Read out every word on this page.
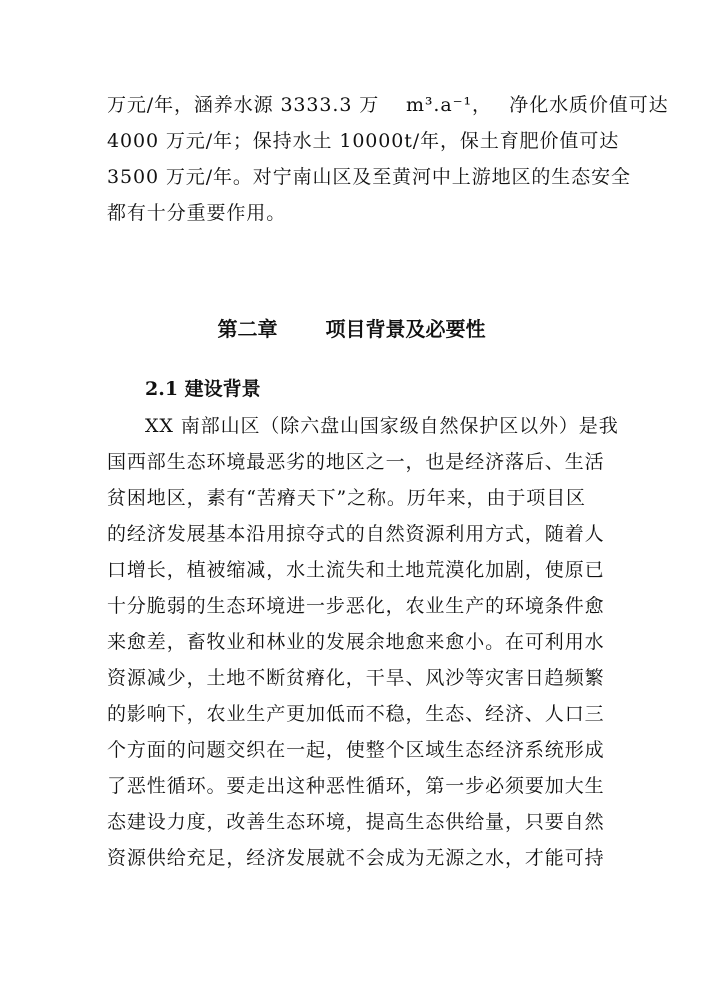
万元/年，涵养水源 3333.3 万　 m³.a⁻¹，　 净化水质价值可达
4000 万元/年；保持水土 10000t/年，保土育肥价值可达
3500 万元/年。对宁南山区及至黄河中上游地区的生态安全
都有十分重要作用。
第二章 项目背景及必要性
2.1 建设背景
XX 南部山区（除六盘山国家级自然保护区以外）是我
国西部生态环境最恶劣的地区之一，也是经济落后、生活
贫困地区，素有“苦瘠天下”之称。历年来，由于项目区
的经济发展基本沿用掠夺式的自然资源利用方式，随着人
口增长，植被缩减，水土流失和土地荒漠化加剧，使原已
十分脆弱的生态环境进一步恶化，农业生产的环境条件愈
来愈差，畜牧业和林业的发展余地愈来愈小。在可利用水
资源减少，土地不断贫瘠化，干旱、风沙等灾害日趋频繁
的影响下，农业生产更加低而不稳，生态、经济、人口三
个方面的问题交织在一起，使整个区域生态经济系统形成
了恶性循环。要走出这种恶性循环，第一步必须要加大生
态建设力度，改善生态环境，提高生态供给量，只要自然
资源供给充足，经济发展就不会成为无源之水，才能可持
